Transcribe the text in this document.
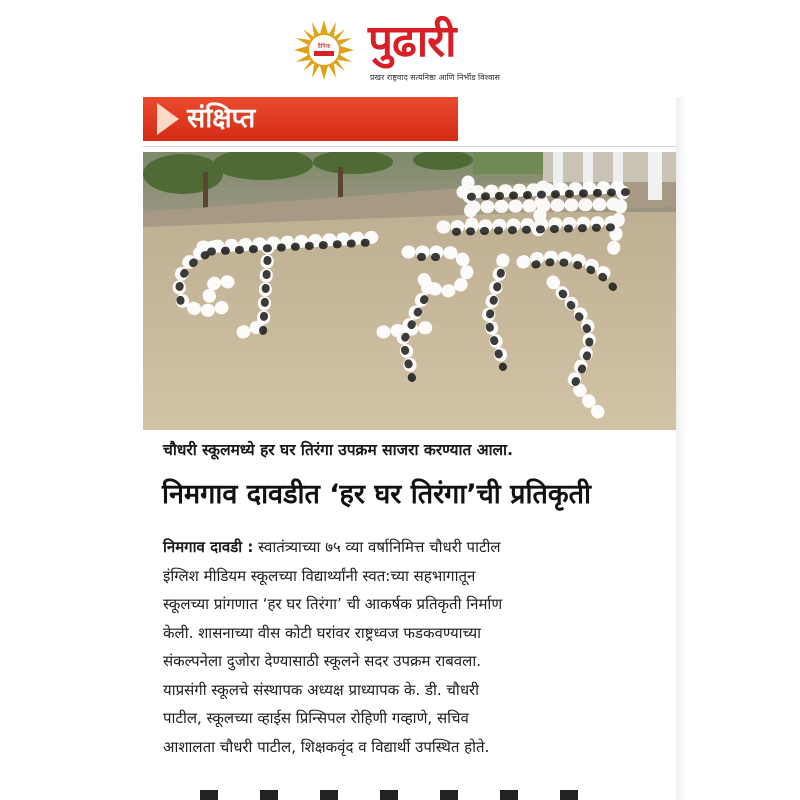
दैनिक पुढारी
प्रखर राष्ट्रवाद सत्यनिष्ठा आणि निर्भीड विश्वास
संक्षिप्त
चौधरी स्कूलमध्ये हर घर तिरंगा उपक्रम साजरा करण्यात आला.
निमगाव दावडीत ‘हर घर तिरंगा’ची प्रतिकृती

निमगाव दावडी : स्वातंत्र्याच्या ७५ व्या वर्षानिमित्त चौधरी पाटील

इंग्लिश मीडियम स्कूलच्या विद्यार्थ्यांनी स्वत:च्या सहभागातून

स्कूलच्या प्रांगणात ‘हर घर तिरंगा’ ची आकर्षक प्रतिकृती निर्माण

केली. शासनाच्या वीस कोटी घरांवर राष्ट्रध्वज फडकवण्याच्या

संकल्पनेला दुजोरा देण्यासाठी स्कूलने सदर उपक्रम राबवला.

याप्रसंगी स्कूलचे संस्थापक अध्यक्ष प्राध्यापक के. डी. चौधरी

पाटील, स्कूलच्या व्हाईस प्रिन्सिपल रोहिणी गव्हाणे, सचिव

आशालता चौधरी पाटील, शिक्षकवृंद व विद्यार्थी उपस्थित होते.
